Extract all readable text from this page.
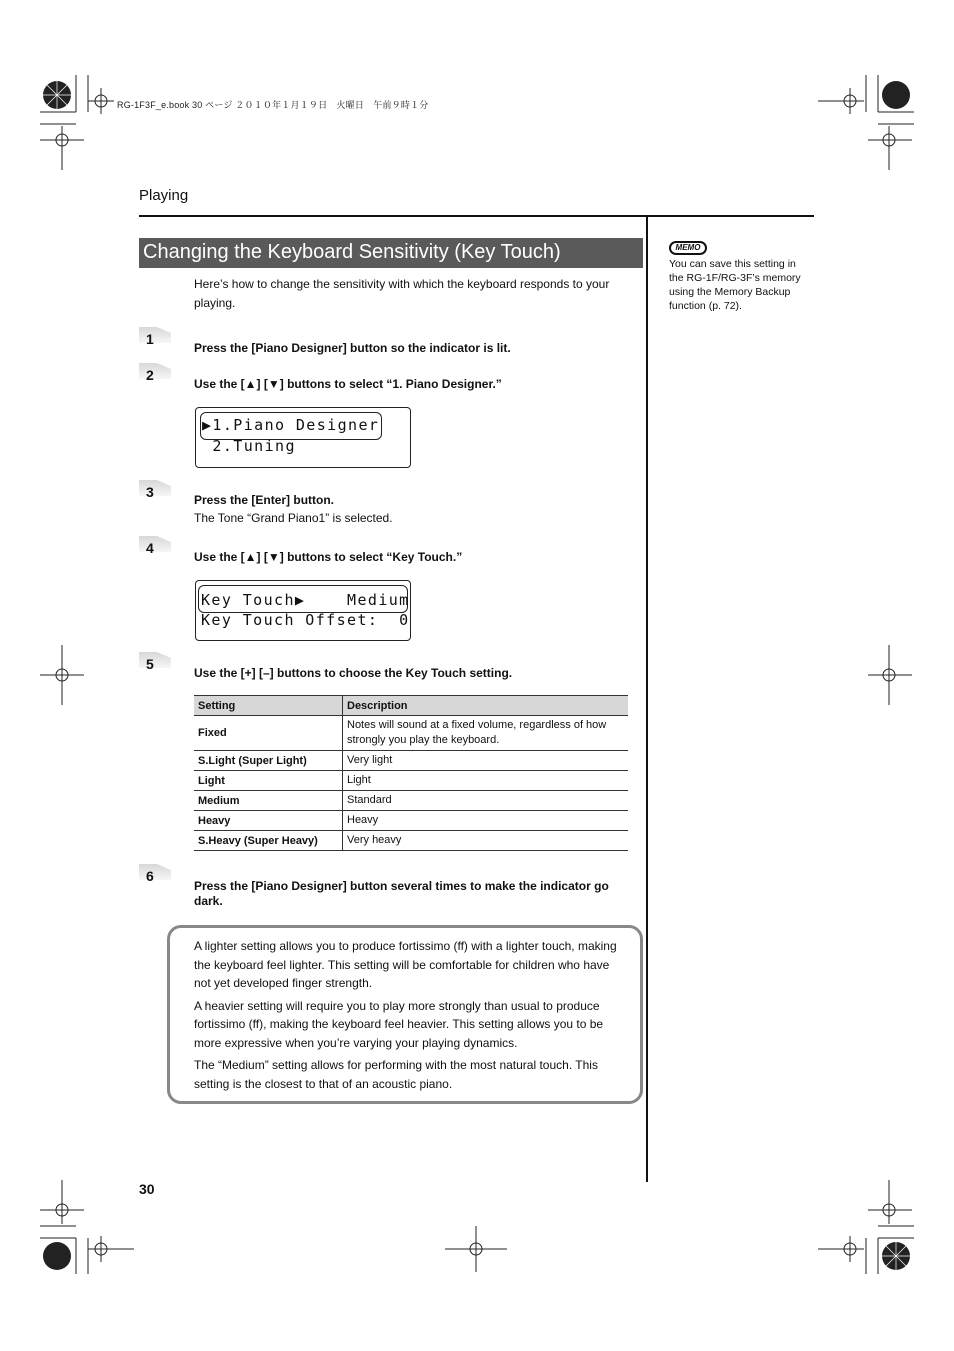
RG-1F3F_e.book 30 ページ ２０１０年１月１９日　火曜日　午前９時１分
Playing
Changing the Keyboard Sensitivity (Key Touch)
Here’s how to change the sensitivity with which the keyboard responds to your playing.
1
Press the [Piano Designer] button so the indicator is lit.
2
Use the [▲] [▼] buttons to select “1. Piano Designer.”
▶1.Piano Designer
2.Tuning
3	Press the [Enter] button.
The Tone “Grand Piano1” is selected.
4
Use the [▲] [▼] buttons to select “Key Touch.”
Key Touch▶    Medium
Key Touch Offset:  0
5
Use the [+] [–] buttons to choose the Key Touch setting.
Setting	Description
Fixed	Notes will sound at a fixed volume, regardless of how strongly you play the keyboard.
S.Light (Super Light)	Very light
Light	Light
Medium	Standard
Heavy	Heavy
S.Heavy (Super Heavy)	Very heavy
6
Press the [Piano Designer] button several times to make the indicator go dark.

A lighter setting allows you to produce fortissimo (ff) with a lighter touch, making the keyboard feel lighter. This setting will be comfortable for children who have not yet developed finger strength.

A heavier setting will require you to play more strongly than usual to produce fortissimo (ff), making the keyboard feel heavier. This setting allows you to be more expressive when you’re varying your playing dynamics.

The “Medium” setting allows for performing with the most natural touch. This setting is the closest to that of an acoustic piano.

MEMO
You can save this setting in the RG-1F/RG-3F’s memory using the Memory Backup function (p. 72).
30
